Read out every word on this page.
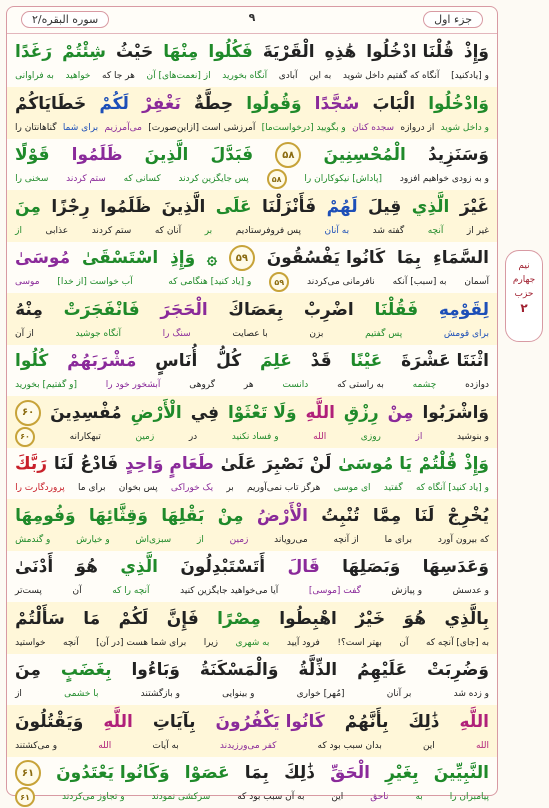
جزء اول
۹
سوره البقره/۲
وَإِذْ
قُلْنَا ادْخُلُوا
هَٰذِهِ
الْقَرْيَةَ
فَكُلُوا
مِنْهَا
حَيْثُ
شِئْتُمْ
رَغَدًا
و [یادکنید]
آنگاه که گفتیم داخل شوید
به این
آبادی
آنگاه بخورید
از [نعمت‌های] آن
هر جا که
خواهید
به فراوانی
وَادْخُلُوا
الْبَابَ
سُجَّدًا
وَقُولُوا
حِطَّةٌ
نَغْفِرْ
لَكُمْ
خَطَايَاكُمْ
و داخل شوید
از دروازه
سجده کنان
و بگویید [درخواست‌ما]
آمرزشی است [ازاین‌صورت]
می‌آمرزیم
برای شما
گناهانتان را
وَسَنَزِيدُ
الْمُحْسِنِينَ
۵۸
فَبَدَّلَ
الَّذِينَ
ظَلَمُوا
قَوْلًا
و به زودی خواهیم افزود
[پاداش] نیکوکاران را
۵۸
پس جایگزین کردند
کسانی که
ستم کردند
سخنی را
غَيْرَ
الَّذِي
قِيلَ
لَهُمْ
فَأَنْزَلْنَا
عَلَى
الَّذِينَ
ظَلَمُوا
رِجْزًا
مِنَ
غیر از
آنچه
گفته شد
به آنان
پس فروفرستادیم
بر
آنان که
ستم کردند
عذابی
از
السَّمَاءِ
بِمَا
كَانُوا يَفْسُقُونَ
۵۹
۞
وَإِذِ
اسْتَسْقَىٰ
مُوسَىٰ
آسمان
به [سبب] آنکه
نافرمانی می‌کردند
۵۹
و [یاد کنید] هنگامی که
آب خواست [از خدا]
موسی
لِقَوْمِهِ
فَقُلْنَا
اضْرِبْ
بِعَصَاكَ
الْحَجَرَ
فَانْفَجَرَتْ
مِنْهُ
برای قومش
پس گفتیم
بزن
با عصایت
سنگ را
آنگاه جوشید
از آن
اثْنَتَا عَشْرَةَ
عَيْنًا
قَدْ
عَلِمَ
كُلُّ
أُنَاسٍ
مَشْرَبَهُمْ
كُلُوا
دوازده
چشمه
به راستی که
دانست
هر
گروهی
آبشخور خود را
[و گفتیم] بخورید
وَاشْرَبُوا
مِنْ
رِزْقِ
اللَّهِ
وَلَا تَعْثَوْا
فِي
الْأَرْضِ
مُفْسِدِينَ
۶۰
و بنوشید
از
روزی
الله
و فساد نکنید
در
زمین
تبهکارانه
۶۰
وَإِذْ
قُلْتُمْ
يَا مُوسَىٰ
لَنْ نَصْبِرَ
عَلَىٰ
طَعَامٍ وَاحِدٍ
فَادْعُ
لَنَا
رَبَّكَ
و [یاد کنید] آنگاه که
گفتید
ای موسی
هرگز تاب نمی‌آوریم
بر
یک خوراکی
پس بخوان
برای ما
پروردگارت را
يُخْرِجْ
لَنَا
مِمَّا
تُنْبِتُ
الْأَرْضُ
مِنْ
بَقْلِهَا
وَقِثَّائِهَا
وَفُومِهَا
که بیرون آورد
برای ما
از آنچه
می‌رویاند
زمین
از
سبزی‌اش
و خیارش
و گندمش
وَعَدَسِهَا
وَبَصَلِهَا
قَالَ
أَتَسْتَبْدِلُونَ
الَّذِي
هُوَ
أَدْنَىٰ
و عدسش
و پیازش
گفت [موسی]
آیا می‌خواهید جایگزین کنید
آنچه را که
آن
پست‌تر
بِالَّذِي
هُوَ
خَيْرٌ
اهْبِطُوا
مِصْرًا
فَإِنَّ
لَكُمْ
مَا
سَأَلْتُمْ
به [جای] آنچه که
آن
بهتر است؟!
فرود آیید
به شهری
زیرا
برای شما هست [در آن]
آنچه
خواستید
وَضُرِبَتْ
عَلَيْهِمُ
الذِّلَّةُ
وَالْمَسْكَنَةُ
وَبَاءُوا
بِغَضَبٍ
مِنَ
و زده شد
بر آنان
[مُهر] خواری
و بینوایی
و بازگشتند
با خشمی
از
اللَّهِ
ذَٰلِكَ
بِأَنَّهُمْ
كَانُوا يَكْفُرُونَ
بِآيَاتِ
اللَّهِ
وَيَقْتُلُونَ
الله
این
بدان سبب بود که
کفر می‌ورزیدند
به آیات
الله
و می‌کشتند
النَّبِيِّينَ
بِغَيْرِ
الْحَقِّ
ذَٰلِكَ
بِمَا
عَصَوْا
وَكَانُوا يَعْتَدُونَ
۶۱
پیامبران را
به
ناحق
این
به آن سبب بود که
سرکشی نمودند
و تجاوز می‌کردند
۶۱
نیم جهارم
حزب
۲
